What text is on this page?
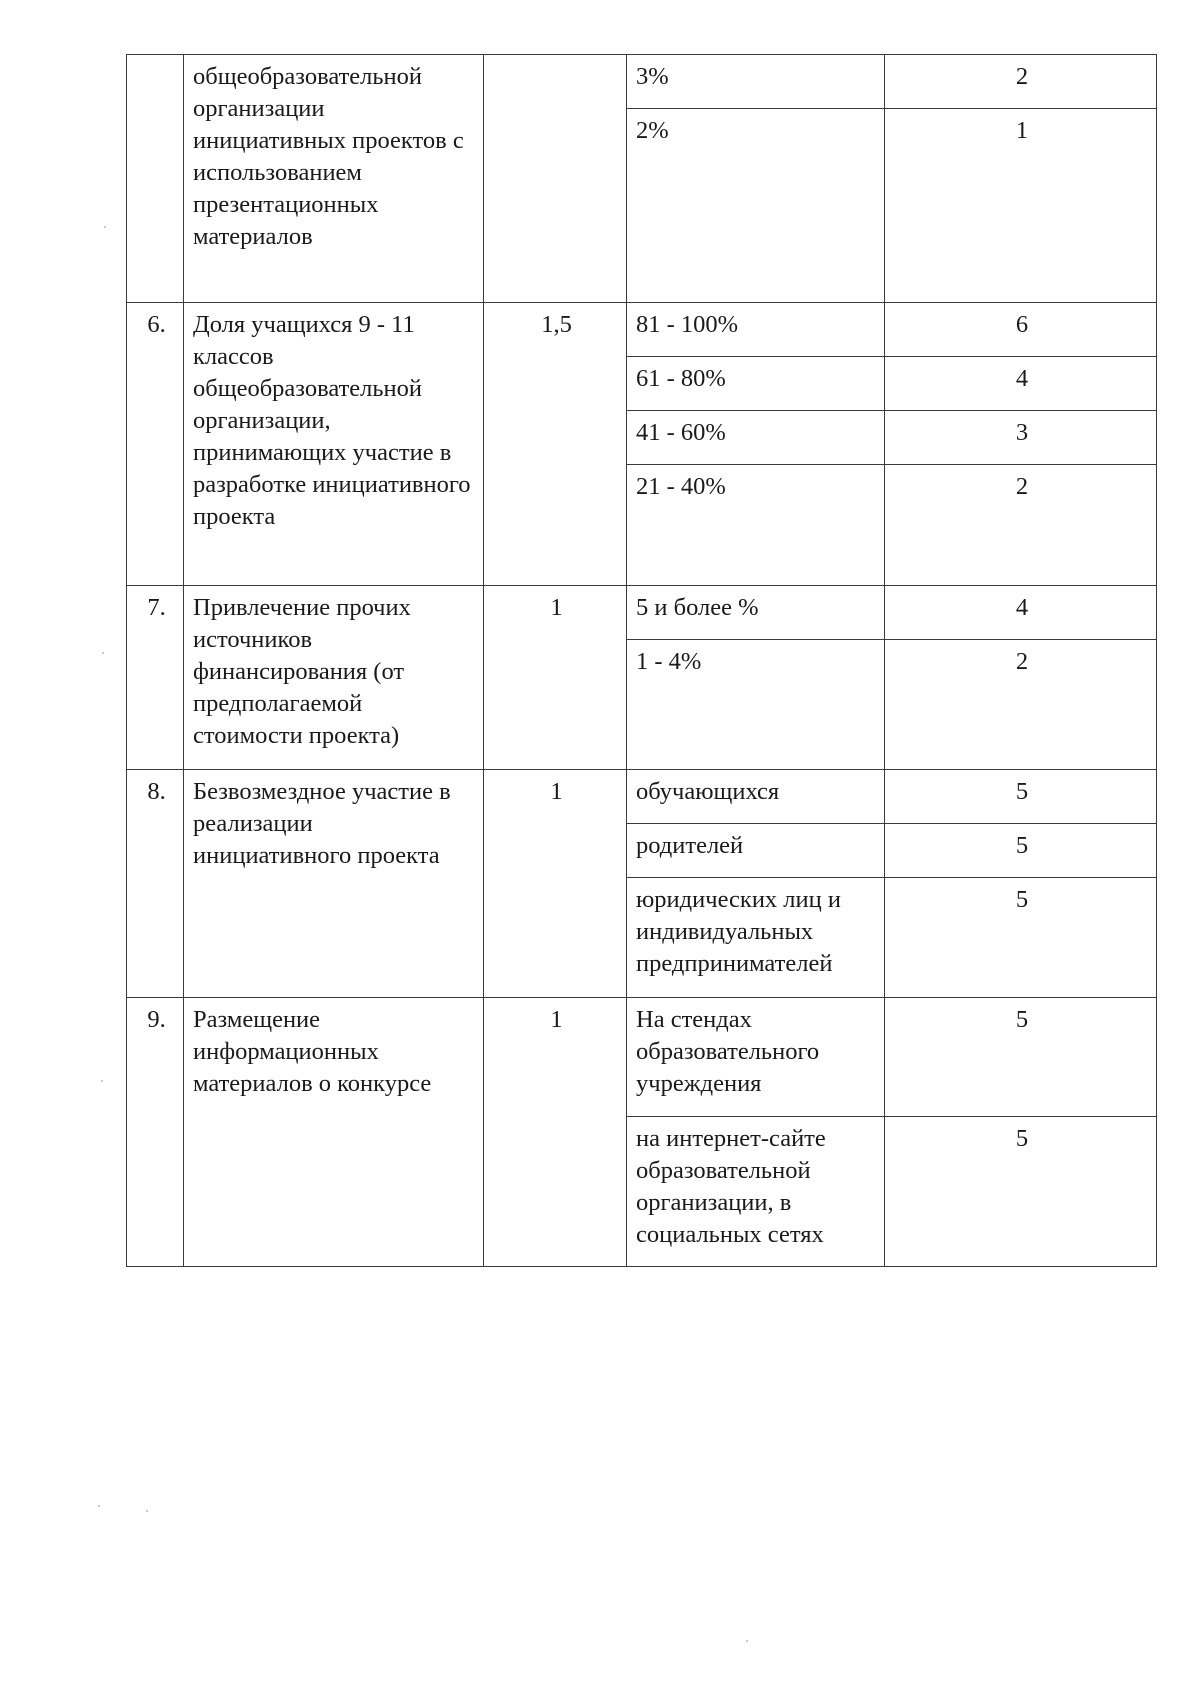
	общеобразовательной организации инициативных проектов с использованием презентационных материалов		3%	2
			2%	1
6.	Доля учащихся 9 - 11 классов общеобразовательной организации, принимающих участие в разработке инициативного проекта	1,5	81 - 100%	6
			61 - 80%	4
			41 - 60%	3
			21 - 40%	2
7.	Привлечение прочих источников финансирования (от предполагаемой стоимости проекта)	1	5 и более %	4
			1 - 4%	2
8.	Безвозмездное участие в реализации инициативного проекта	1	обучающихся	5
			родителей	5
			юридических лиц и индивидуальных предпринимателей	5
9.	Размещение информационных материалов о конкурсе	1	На стендах образовательного учреждения	5
			на интернет-сайте образовательной организации, в социальных сетях	5
